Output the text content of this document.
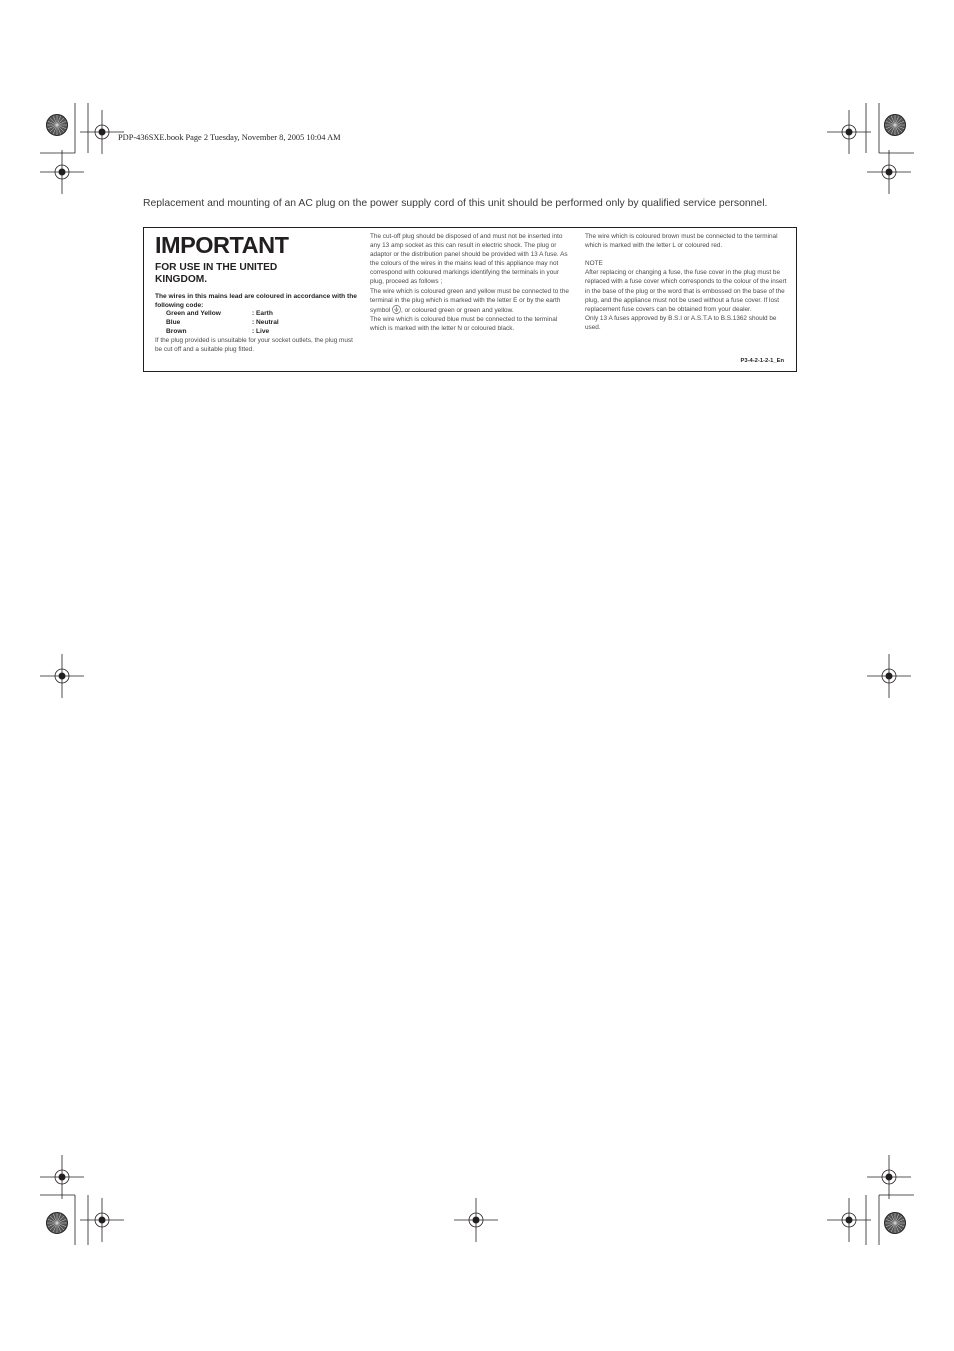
PDP-436SXE.book Page 2 Tuesday, November 8, 2005 10:04 AM
Replacement and mounting of an AC plug on the power supply cord of this unit should be performed only by qualified service personnel.
IMPORTANT
FOR USE IN THE UNITED KINGDOM.
The wires in this mains lead are coloured in accordance with the following code:
Green and Yellow	: Earth
Blue	: Neutral
Brown	: Live

If the plug provided is unsuitable for your socket outlets, the plug must be cut off and a suitable plug fitted.

The cut-off plug should be disposed of and must not be inserted into any 13 amp socket as this can result in electric shock. The plug or adaptor or the distribution panel should be provided with 13 A fuse. As the colours of the wires in the mains lead of this appliance may not correspond with coloured markings identifying the terminals in your plug, proceed as follows ;

The wire which is coloured green and yellow must be connected to the terminal in the plug which is marked with the letter E or by the earth symbol , or coloured green or green and yellow.

The wire which is coloured blue must be connected to the terminal which is marked with the letter N or coloured black.

The wire which is coloured brown must be connected to the terminal which is marked with the letter L or coloured red.

NOTE

After replacing or changing a fuse, the fuse cover in the plug must be replaced with a fuse cover which corresponds to the colour of the insert in the base of the plug or the word that is embossed on the base of the plug, and the appliance must not be used without a fuse cover. If lost replacement fuse covers can be obtained from your dealer.

Only 13 A fuses approved by B.S.I or A.S.T.A to B.S.1362 should be used.

P3-4-2-1-2-1_En
